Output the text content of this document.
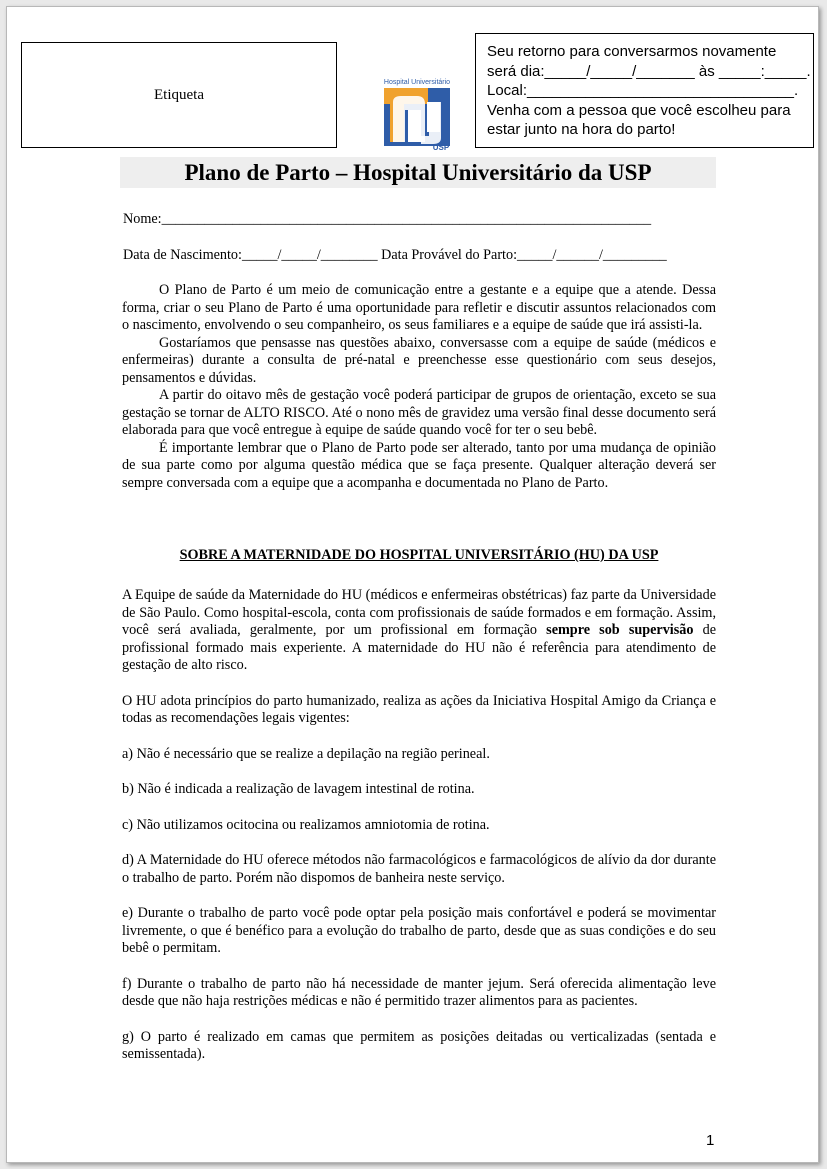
Etiqueta
Hospital Universitário
USP
Seu retorno para conversarmos novamente
será dia:_____/_____/_______ às _____:_____.
Local:________________________________.
Venha com a pessoa que você escolheu para
estar junto na hora do parto!
Plano de Parto – Hospital Universitário da USP
Nome:_____________________________________________________________________
Data de Nascimento:_____/_____/________ Data Provável do Parto:_____/______/_________

O Plano de Parto é um meio de comunicação entre a gestante e a equipe que a atende. Dessa forma, criar o seu Plano de Parto é uma oportunidade para refletir e discutir assuntos relacionados com o nascimento, envolvendo o seu companheiro, os seus familiares e a equipe de saúde que irá assisti-la.

Gostaríamos que pensasse nas questões abaixo, conversasse com a equipe de saúde (médicos e enfermeiras) durante a consulta de pré-natal e preenchesse esse questionário com seus desejos, pensamentos e dúvidas.

A partir do oitavo mês de gestação você poderá participar de grupos de orientação, exceto se sua gestação se tornar de ALTO RISCO. Até o nono mês de gravidez uma versão final desse documento será elaborada para que você entregue à equipe de saúde quando você for ter o seu bebê.

É importante lembrar que o Plano de Parto pode ser alterado, tanto por uma mudança de opinião de sua parte como por alguma questão médica que se faça presente. Qualquer alteração deverá ser sempre conversada com a equipe que a acompanha e documentada no Plano de Parto.

SOBRE A MATERNIDADE DO HOSPITAL UNIVERSITÁRIO (HU) DA USP

A Equipe de saúde da Maternidade do HU (médicos e enfermeiras obstétricas) faz parte da Universidade de São Paulo. Como hospital-escola, conta com profissionais de saúde formados e em formação. Assim, você será avaliada, geralmente, por um profissional em formação sempre sob supervisão de profissional formado mais experiente. A maternidade do HU não é referência para atendimento de gestação de alto risco.

O HU adota princípios do parto humanizado, realiza as ações da Iniciativa Hospital Amigo da Criança e todas as recomendações legais vigentes:

a) Não é necessário que se realize a depilação na região perineal.

b) Não é indicada a realização de lavagem intestinal de rotina.

c) Não utilizamos ocitocina ou realizamos amniotomia de rotina.

d) A Maternidade do HU oferece métodos não farmacológicos e farmacológicos de alívio da dor durante o trabalho de parto. Porém não dispomos de banheira neste serviço.

e) Durante o trabalho de parto você pode optar pela posição mais confortável e poderá se movimentar livremente, o que é benéfico para a evolução do trabalho de parto, desde que as suas condições e do seu bebê o permitam.

f) Durante o trabalho de parto não há necessidade de manter jejum. Será oferecida alimentação leve desde que não haja restrições médicas e não é permitido trazer alimentos para as pacientes.

g) O parto é realizado em camas que permitem as posições deitadas ou verticalizadas (sentada e semissentada).

1
